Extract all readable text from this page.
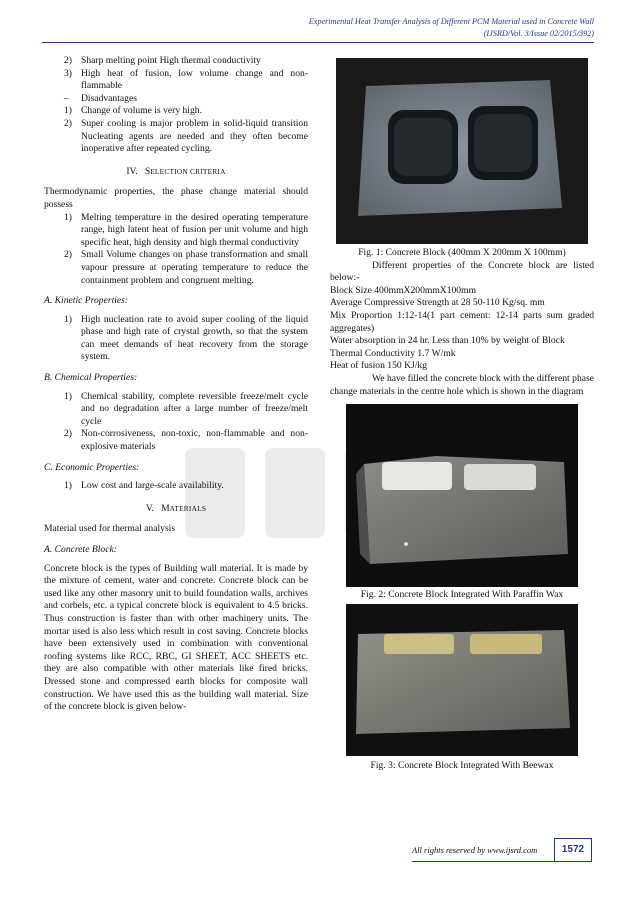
Experimental Heat Transfer Analysis of Different PCM Material used in Concrete Wall
(IJSRD/Vol. 3/Issue 02/2015/392)
2) Sharp melting point High thermal conductivity
3) High heat of fusion, low volume change and non-flammable
–	Disadvantages
1) Change of volume is very high.
2) Super cooling is major problem in solid-liquid transition Nucleating agents are needed and they often become inoperative after repeated cycling.
IV. SELECTION CRITERIA

Thermodynamic properties, the phase change material should possess

1) Melting temperature in the desired operating temperature range, high latent heat of fusion per unit volume and high specific heat, high density and high thermal conductivity
2) Small Volume changes on phase transformation and small vapour pressure at operating temperature to reduce the containment problem and congruent melting.
A. Kinetic Properties:
1) High nucleation rate to avoid super cooling of the liquid phase and high rate of crystal growth, so that the system can meet demands of heat recovery from the storage system.
B. Chemical Properties:
1) Chemical stability, complete reversible freeze/melt cycle and no degradation after a large number of freeze/melt cycle
2) Non-corrosiveness, non-toxic, non-flammable and non-explosive materials
C. Economic Properties:
1) Low cost and large-scale availability.
V. MATERIALS

Material used for thermal analysis

A. Concrete Block:

Concrete block is the types of Building wall material. It is made by the mixture of cement, water and concrete. Concrete block can be used like any other masonry unit to build foundation walls, archives and corbels, etc. a typical concrete block is equivalent to 4.5 bricks. Thus construction is faster than with other machinery units. The mortar used is also less which result in cost saving. Concrete blocks have been extensively used in combination with conventional roofing systems like RCC, RBC, GI SHEET, ACC SHEETS etc. they are also compatible with other materials like fired bricks. Dressed stone and compressed earth blocks for composite wall construction. We have used this as the building wall material. Size of the concrete block is given below-

Fig. 1: Concrete Block (400mm X 200mm X 100mm)

Different properties of the Concrete block are listed below:-

Block Size 400mmX200mmX100mm
Average Compressive Strength at 28 50-110 Kg/sq. mm
Mix Proportion 1:12-14(1 part cement: 12-14 parts sum graded aggregates)
Water absorption in 24 hr. Less than 10% by weight of Block
Thermal Conductivity 1.7 W/mk
Heat of fusion 150 KJ/kg

We have filled the concrete block with the different phase change materials in the centre hole which is shown in the diagram

Fig. 2: Concrete Block Integrated With Paraffin Wax
Fig. 3: Concrete Block Integrated With Beewax
All rights reserved by www.ijsrd.com	1572
